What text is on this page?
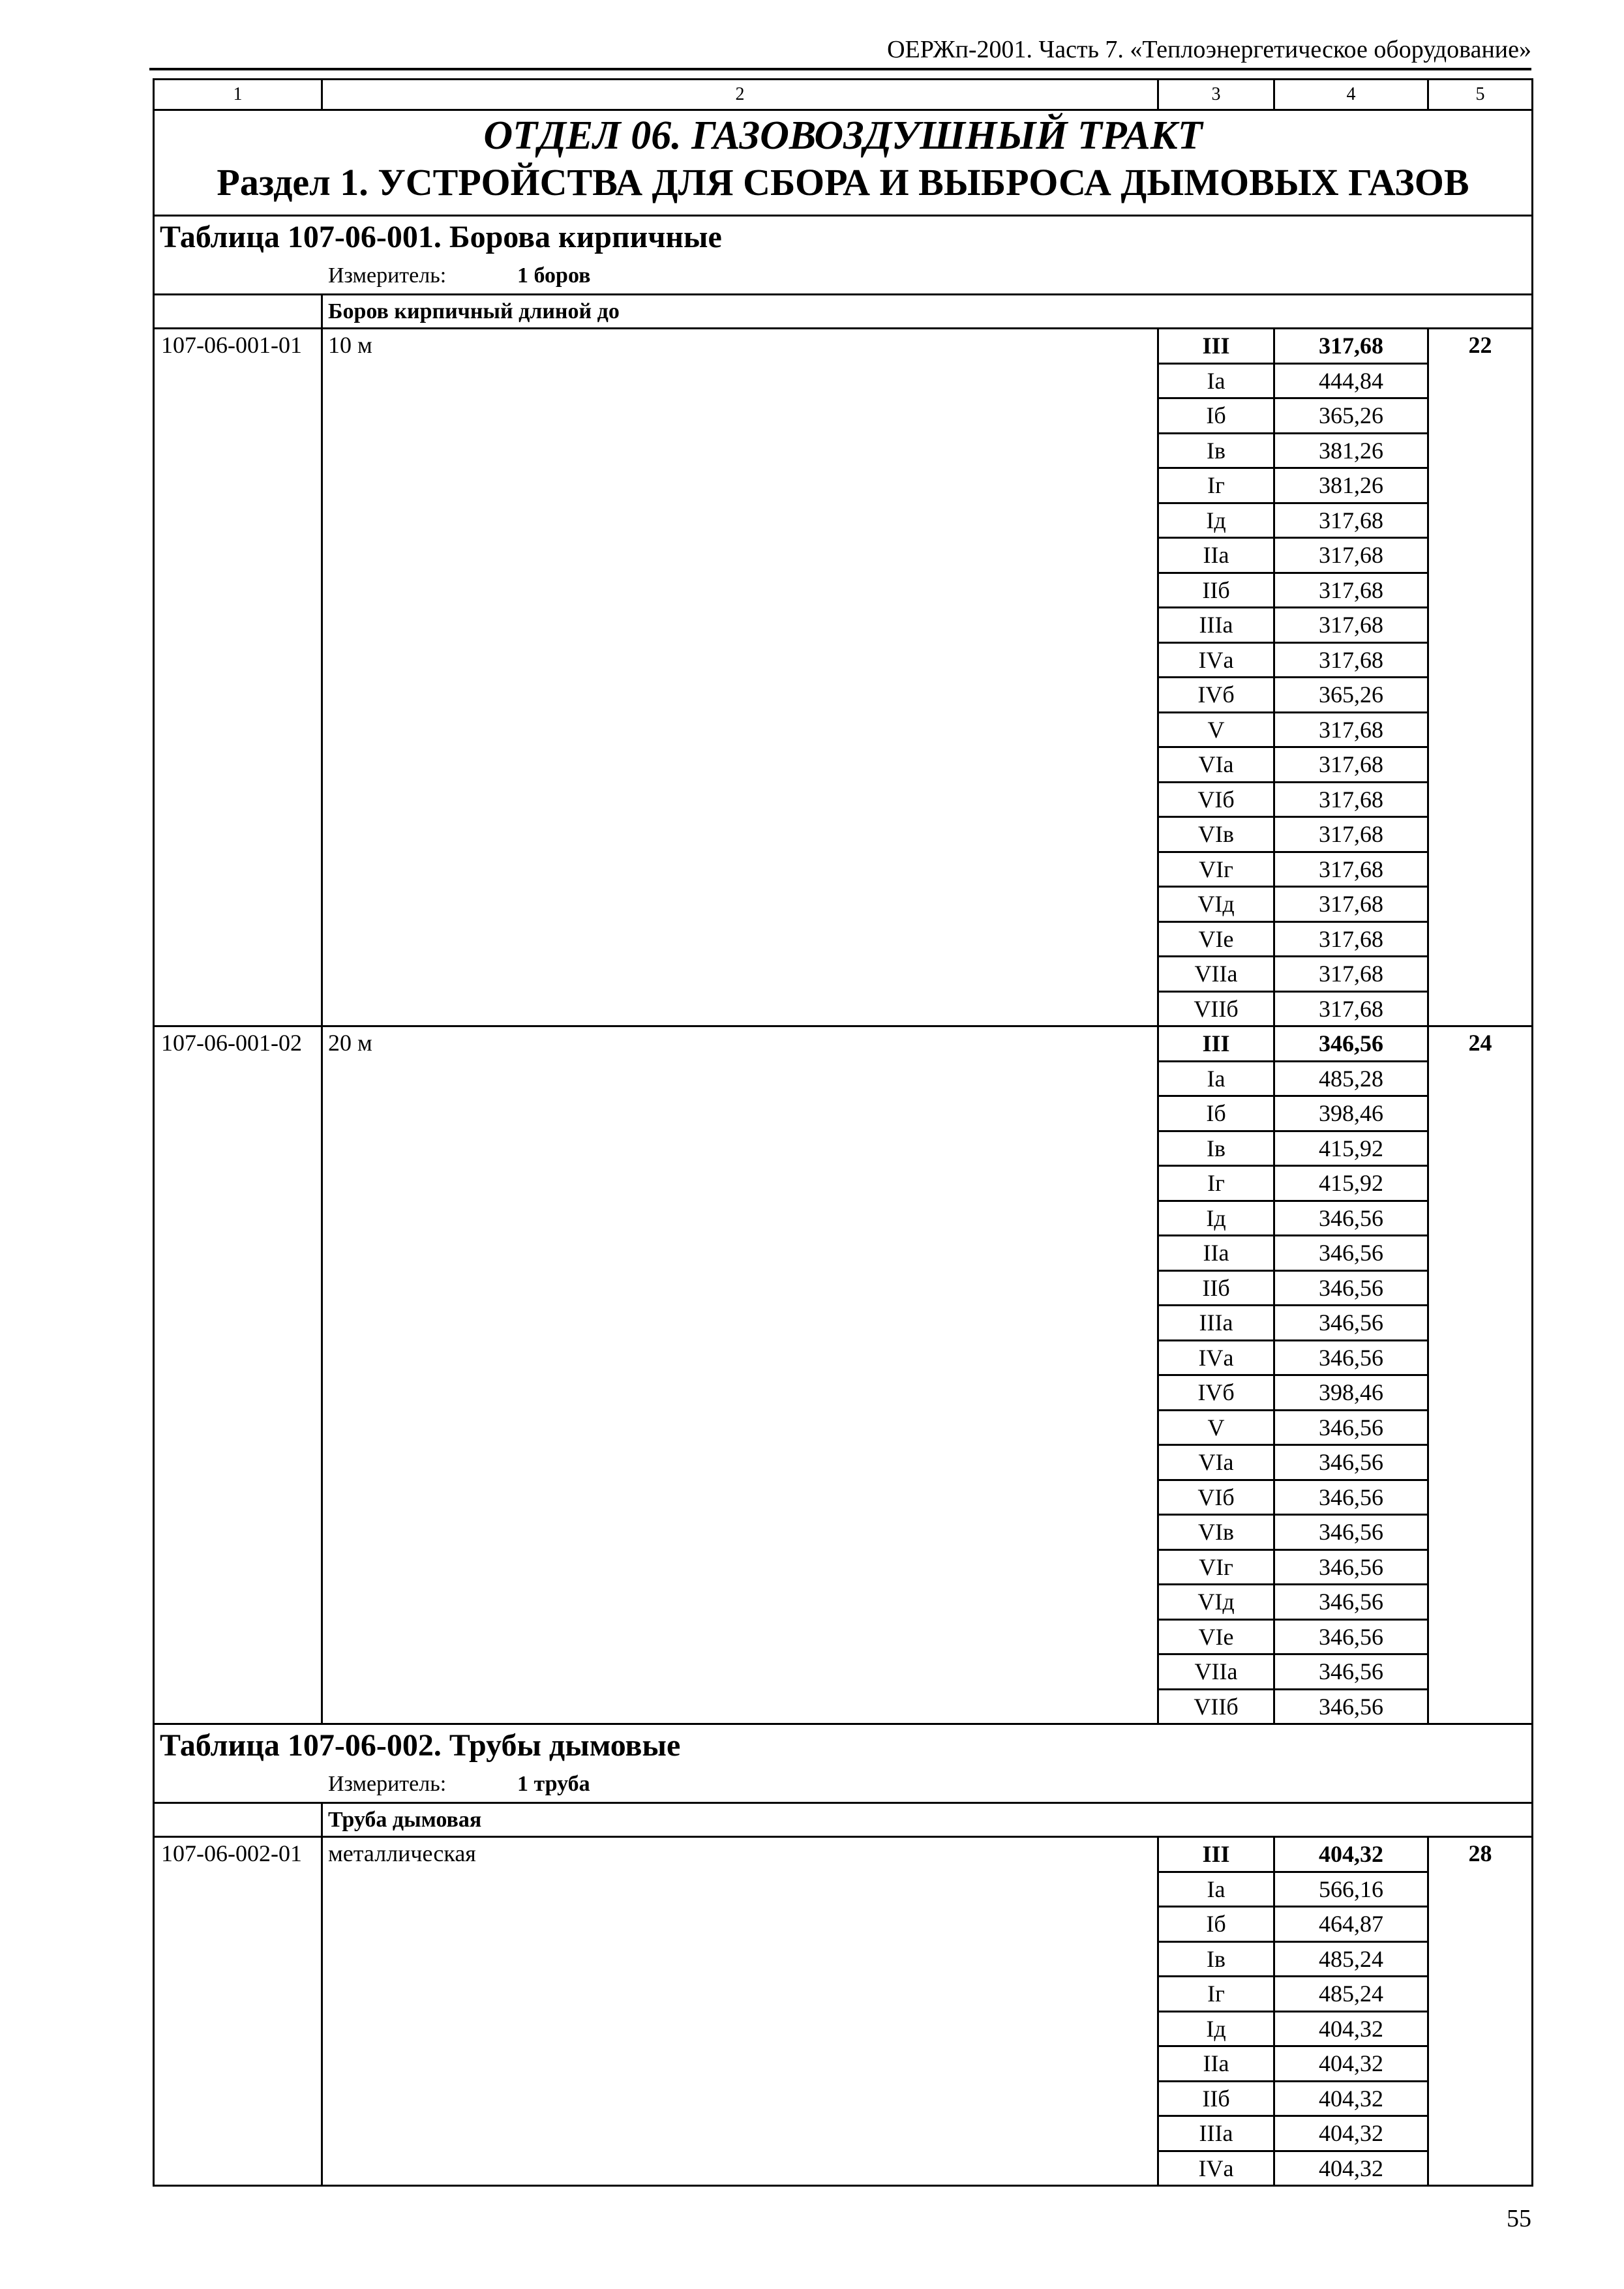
ОЕРЖп-2001. Часть 7. «Теплоэнергетическое оборудование»
1	2	3	4	5

ОТДЕЛ 06. ГАЗОВОЗДУШНЫЙ ТРАКТ
Раздел 1. УСТРОЙСТВА ДЛЯ СБОРА И ВЫБРОСА ДЫМОВЫХ ГАЗОВ				

Таблица 107-06-001. Борова кирпичные
Измеритель: 1 боров				

	Боров кирпичный длиной до			
107-06-001-01	10 м	III	317,68	22
		Iа	444,84	
		Iб	365,26	
		Iв	381,26	
		Iг	381,26	
		Iд	317,68	
		IIа	317,68	
		IIб	317,68	
		IIIа	317,68	
		IVа	317,68	
		IVб	365,26	
		V	317,68	
		VIа	317,68	
		VIб	317,68	
		VIв	317,68	
		VIг	317,68	
		VIд	317,68	
		VIе	317,68	
		VIIа	317,68	
		VIIб	317,68	
107-06-001-02	20 м	III	346,56	24
		Iа	485,28	
		Iб	398,46	
		Iв	415,92	
		Iг	415,92	
		Iд	346,56	
		IIа	346,56	
		IIб	346,56	
		IIIа	346,56	
		IVа	346,56	
		IVб	398,46	
		V	346,56	
		VIа	346,56	
		VIб	346,56	
		VIв	346,56	
		VIг	346,56	
		VIд	346,56	
		VIе	346,56	
		VIIа	346,56	
		VIIб	346,56	

Таблица 107-06-002. Трубы дымовые
Измеритель: 1 труба				

	Труба дымовая			
107-06-002-01	металлическая	III	404,32	28
		Iа	566,16	
		Iб	464,87	
		Iв	485,24	
		Iг	485,24	
		Iд	404,32	
		IIа	404,32	
		IIб	404,32	
		IIIа	404,32	
		IVа	404,32	
55
